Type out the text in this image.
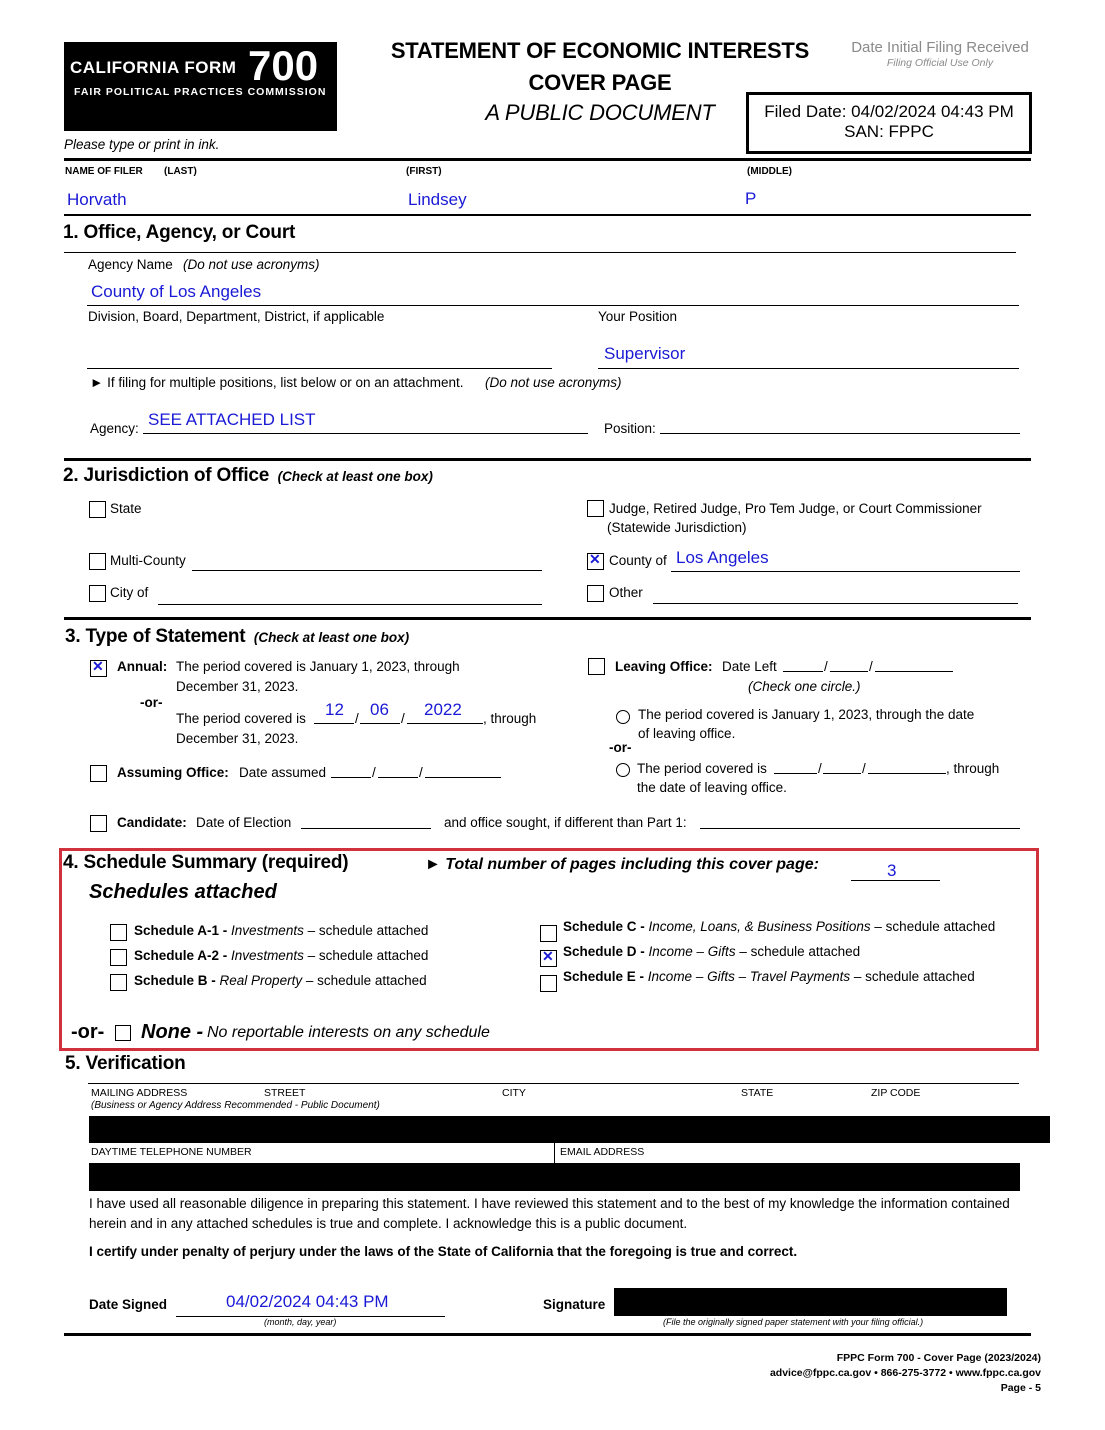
CALIFORNIA FORM 700
FAIR POLITICAL PRACTICES COMMISSION
STATEMENT OF ECONOMIC INTERESTS
COVER PAGE
A PUBLIC DOCUMENT
Date Initial Filing Received
Filing Official Use Only
Filed Date: 04/02/2024 04:43 PM
SAN: FPPC
Please type or print in ink.
NAME OF FILER (LAST)	(FIRST)	(MIDDLE)
Horvath	Lindsey	P
1. Office, Agency, or Court
Agency Name (Do not use acronyms)
County of Los Angeles
Division, Board, Department, District, if applicable	Your Position
Supervisor
► If filing for multiple positions, list below or on an attachment. (Do not use acronyms)
Agency: SEE ATTACHED LIST	Position:
2. Jurisdiction of Office (Check at least one box)
State	Judge, Retired Judge, Pro Tem Judge, or Court Commissioner
(Statewide Jurisdiction)
Multi-County
✕	County of Los Angeles
City of	Other
3. Type of Statement (Check at least one box)
✕
Annual: The period covered is January 1, 2023, through
December 31, 2023.
-or-
The period covered is 12 / 06 / 2022 , through
December 31, 2023.
Assuming Office: Date assumed	/	/
Leaving Office: Date Left	/	/
(Check one circle.)
The period covered is January 1, 2023, through the date
of leaving office.
-or-
The period covered is	/	/	, through
the date of leaving office.
Candidate: Date of Election	and office sought, if different than Part 1:
4. Schedule Summary (required)	► Total number of pages including this cover page:	3
Schedules attached
Schedule A-1 - Investments – schedule attached
Schedule A-2 - Investments – schedule attached
Schedule B - Real Property – schedule attached
Schedule C - Income, Loans, & Business Positions – schedule attached
✕
Schedule D - Income – Gifts – schedule attached
Schedule E - Income – Gifts – Travel Payments – schedule attached
-or- None - No reportable interests on any schedule
5. Verification
MAILING ADDRESS	STREET	CITY	STATE	ZIP CODE
(Business or Agency Address Recommended - Public Document)
DAYTIME TELEPHONE NUMBER	EMAIL ADDRESS
I have used all reasonable diligence in preparing this statement. I have reviewed this statement and to the best of my knowledge the information contained
herein and in any attached schedules is true and complete. I acknowledge this is a public document.
I certify under penalty of perjury under the laws of the State of California that the foregoing is true and correct.
Date Signed	04/02/2024 04:43 PM
(month, day, year)
Signature
(File the originally signed paper statement with your filing official.)
FPPC Form 700 - Cover Page (2023/2024)
advice@fppc.ca.gov • 866-275-3772 • www.fppc.ca.gov
Page - 5
